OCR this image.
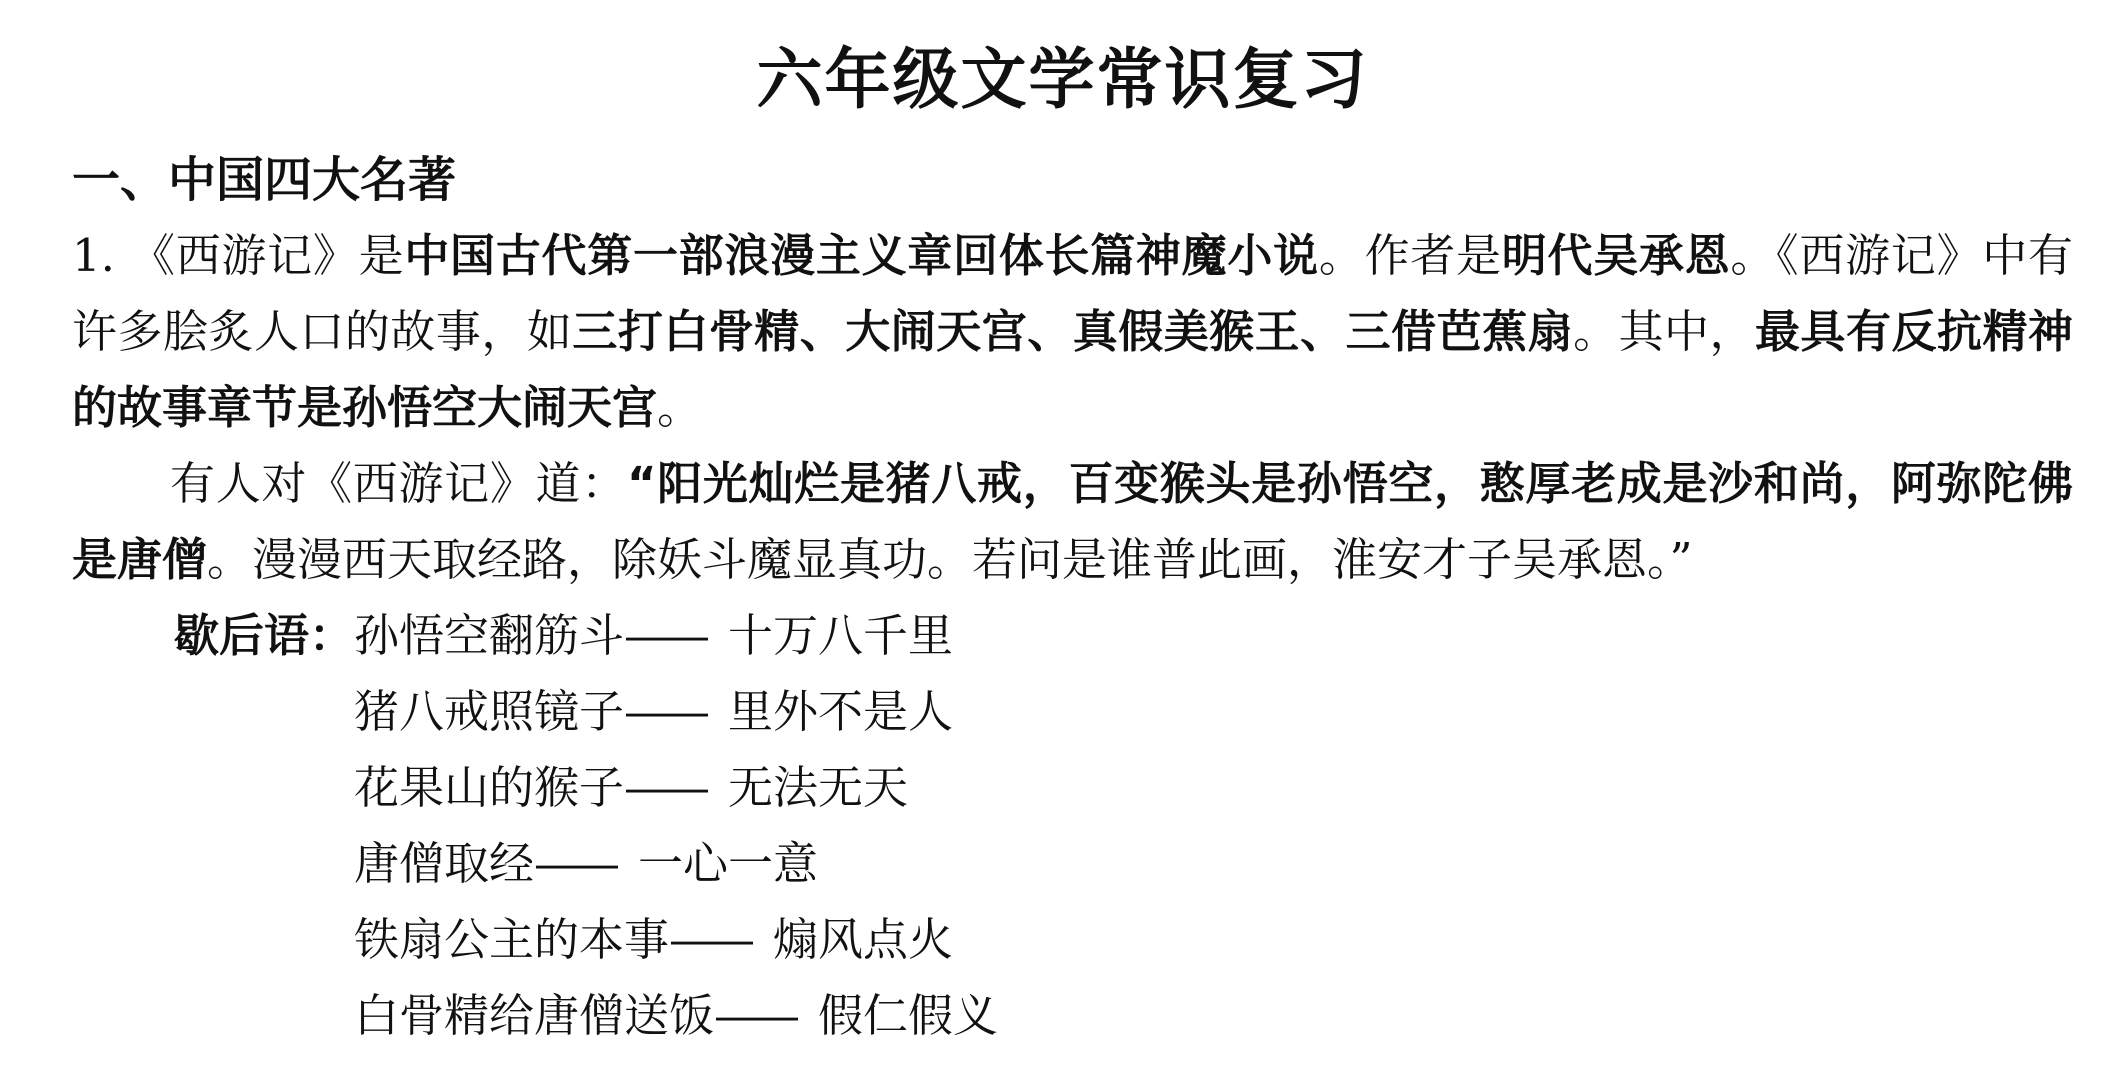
六年级文学常识复习
一、中国四大名著
1. 《西游记》是中国古代第一部浪漫主义章回体长篇神魔小说。作者是明代吴承恩。《西游记》中有许多脍炙人口的故事，如三打白骨精、大闹天宫、真假美猴王、三借芭蕉扇。其中，最具有反抗精神的故事章节是孙悟空大闹天宫。
有人对《西游记》道：“阳光灿烂是猪八戒，百变猴头是孙悟空，憨厚老成是沙和尚，阿弥陀佛是唐僧。漫漫西天取经路，除妖斗魔显真功。若问是谁普此画，淮安才子吴承恩。”
歇后语： 孙悟空翻筋斗—— 十万八千里
猪八戒照镜子—— 里外不是人
花果山的猴子—— 无法无天
唐僧取经—— 一心一意
铁扇公主的本事—— 煽风点火
白骨精给唐僧送饭—— 假仁假义
